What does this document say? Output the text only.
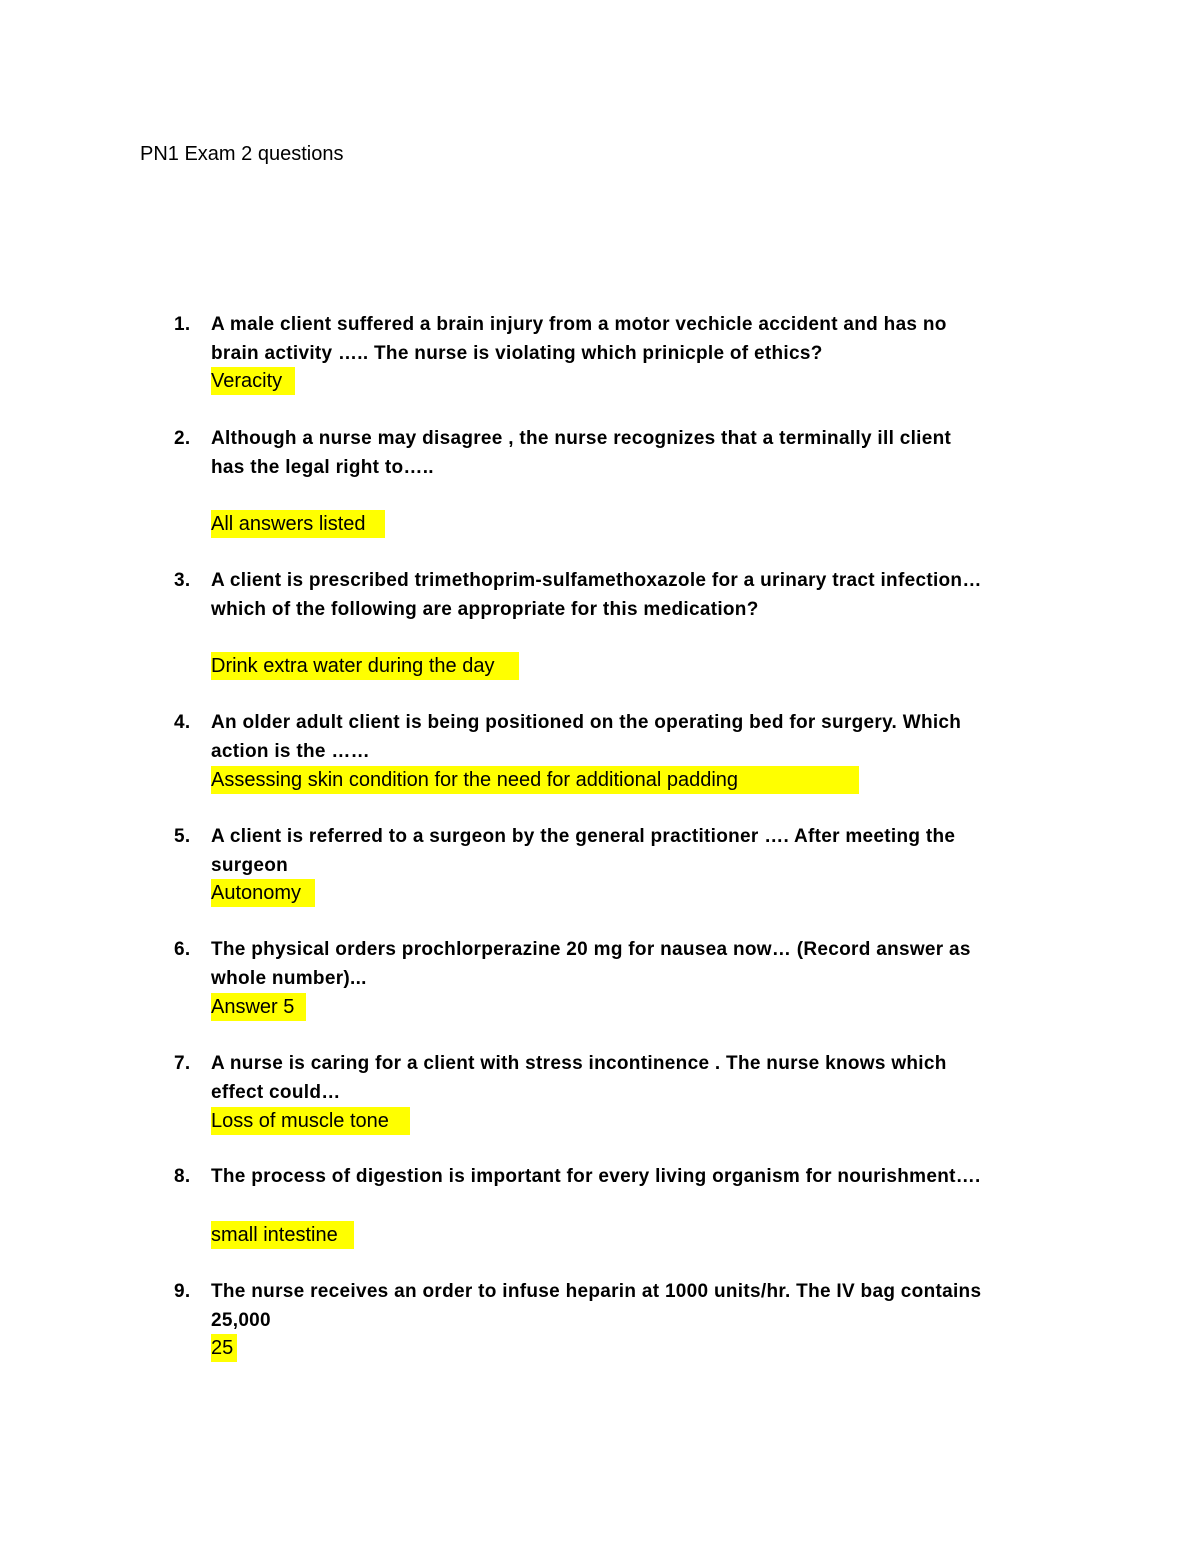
PN1 Exam 2 questions
1.	A male client suffered a brain injury from a motor vechicle accident and has no
brain activity ….. The nurse is violating which prinicple of ethics?
Veracity
2.	Although a nurse may disagree , the nurse recognizes that a terminally ill client
has the legal right to…..
All answers listed
3.	A client is prescribed trimethoprim-sulfamethoxazole for a urinary tract infection…
which of the following are appropriate for this medication?
Drink extra water during the day
4.	An older adult client is being positioned on the operating bed for surgery. Which
action is the ……
Assessing skin condition for the need for additional padding
5.	A client is referred to a surgeon by the general practitioner …. After meeting the
surgeon
Autonomy
6.	The physical orders prochlorperazine 20 mg for nausea now… (Record answer as
whole number)...
Answer 5
7.	A nurse is caring for a client with stress incontinence . The nurse knows which
effect could…
Loss of muscle tone
8.	The process of digestion is important for every living organism for nourishment….
small intestine
9.	The nurse receives an order to infuse heparin at 1000 units/hr. The IV bag contains
25,000
25
